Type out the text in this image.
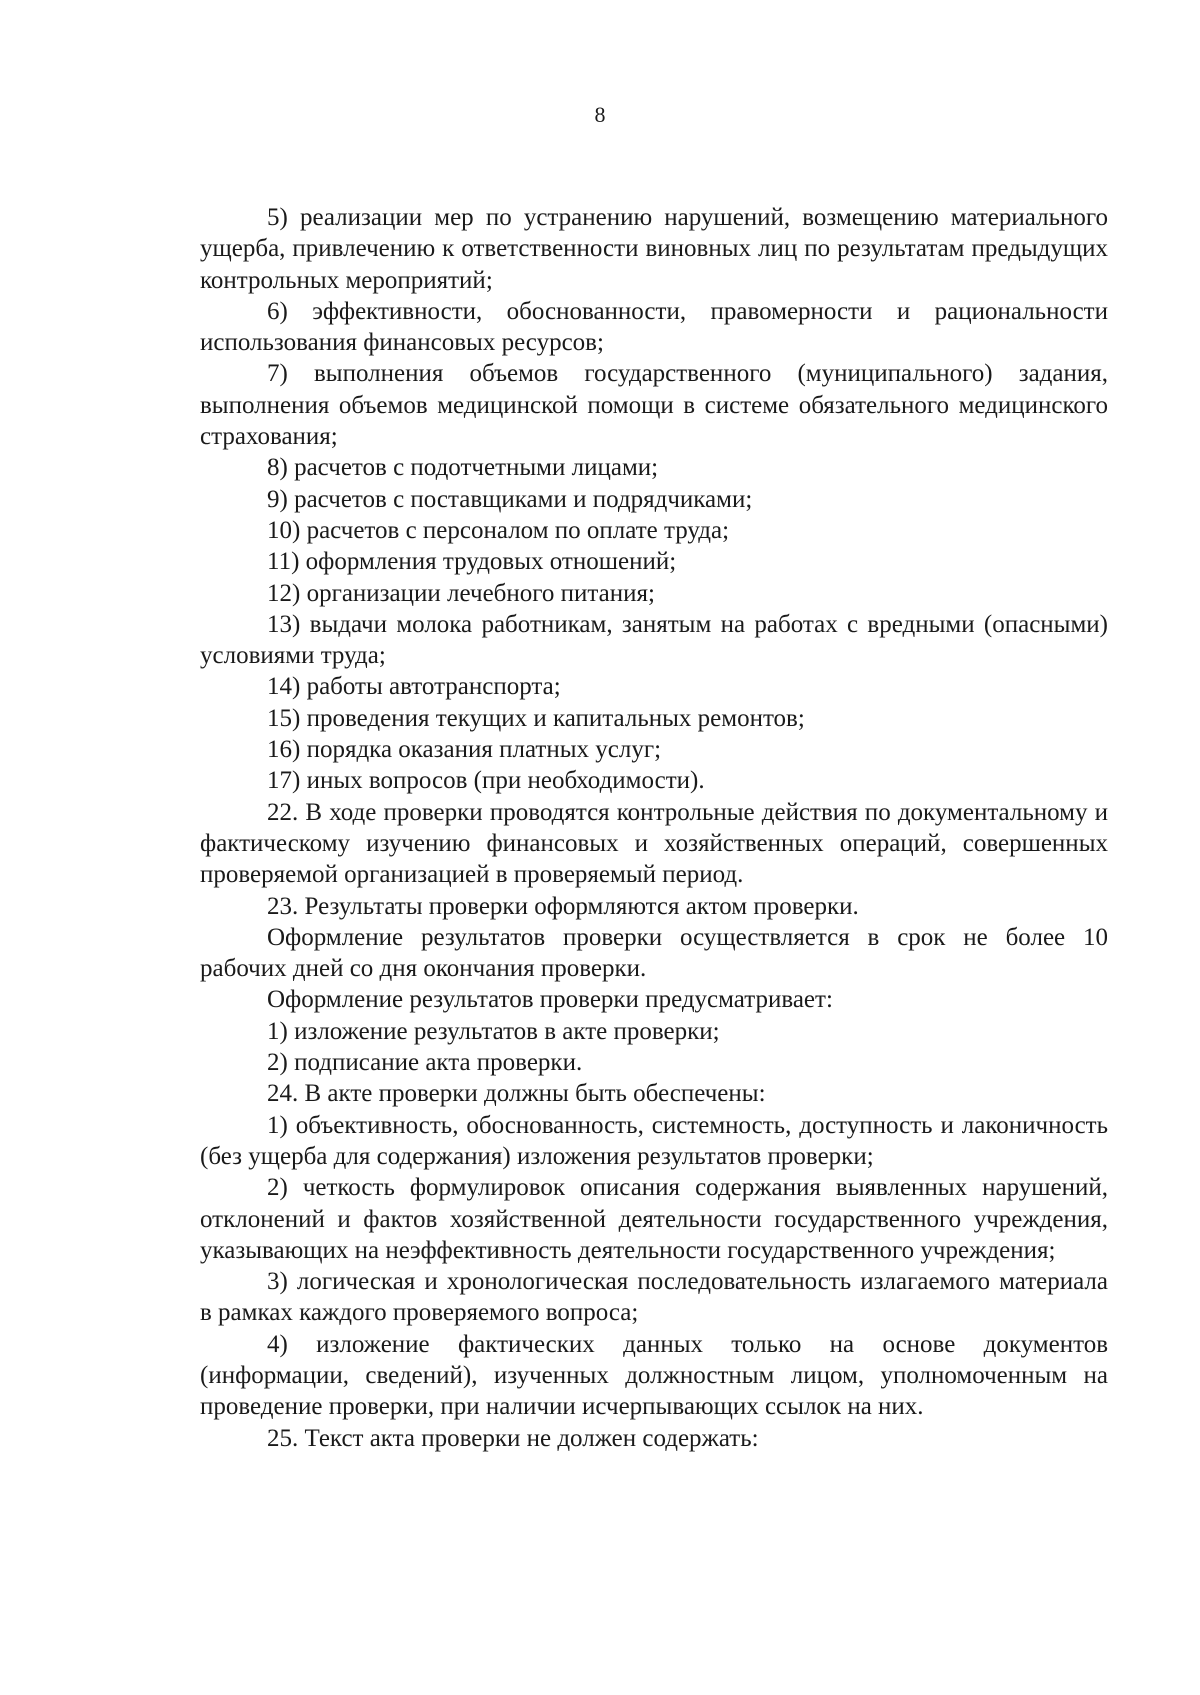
8

5) реализации мер по устранению нарушений, возмещению материального ущерба, привлечению к ответственности виновных лиц по результатам предыдущих контрольных мероприятий;

6) эффективности, обоснованности, правомерности и рациональности использования финансовых ресурсов;

7) выполнения объемов государственного (муниципального) задания, выполнения объемов медицинской помощи в системе обязательного медицинского страхования;

8) расчетов с подотчетными лицами;

9) расчетов с поставщиками и подрядчиками;

10) расчетов с персоналом по оплате труда;

11) оформления трудовых отношений;

12) организации лечебного питания;

13) выдачи молока работникам, занятым на работах с вредными (опасными) условиями труда;

14) работы автотранспорта;

15) проведения текущих и капитальных ремонтов;

16) порядка оказания платных услуг;

17) иных вопросов (при необходимости).

22. В ходе проверки проводятся контрольные действия по документальному и фактическому изучению финансовых и хозяйственных операций, совершенных проверяемой организацией в проверяемый период.

23. Результаты проверки оформляются актом проверки.

Оформление результатов проверки осуществляется в срок не более 10 рабочих дней со дня окончания проверки.

Оформление результатов проверки предусматривает:

1) изложение результатов в акте проверки;

2) подписание акта проверки.

24. В акте проверки должны быть обеспечены:

1) объективность, обоснованность, системность, доступность и лаконичность (без ущерба для содержания) изложения результатов проверки;

2) четкость формулировок описания содержания выявленных нарушений, отклонений и фактов хозяйственной деятельности государственного учреждения, указывающих на неэффективность деятельности государственного учреждения;

3) логическая и хронологическая последовательность излагаемого материала в рамках каждого проверяемого вопроса;

4) изложение фактических данных только на основе документов (информации, сведений), изученных должностным лицом, уполномоченным на проведение проверки, при наличии исчерпывающих ссылок на них.

25. Текст акта проверки не должен содержать:
